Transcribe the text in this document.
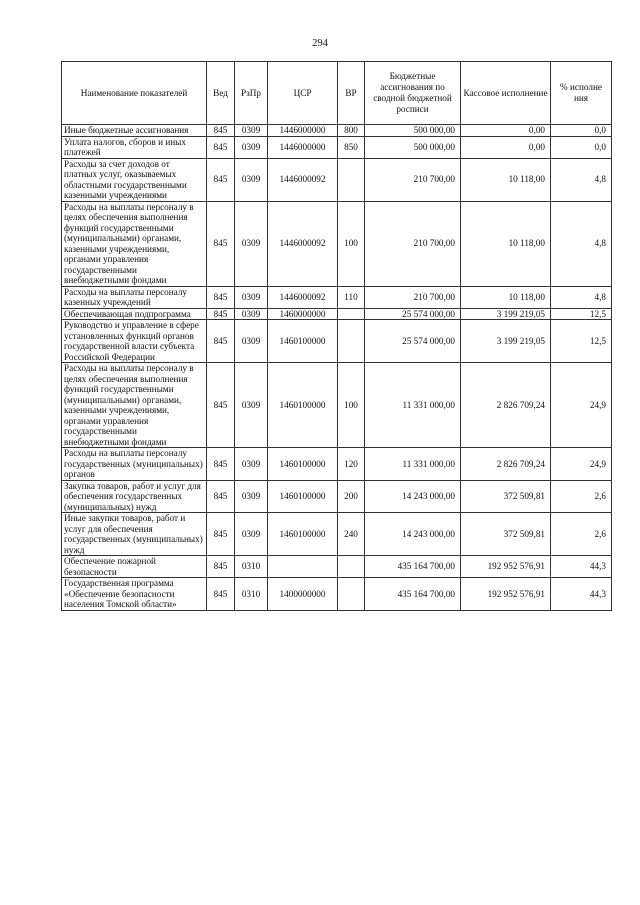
294
Наименование показателей	Вед	РзПр	ЦСР	ВР	Бюджетные ассигнования по сводной бюджетной росписи	Кассовое исполнение	% исполне ния
Иные бюджетные ассигнования	845	0309	1446000000	800	500 000,00	0,00	0,0
Уплата налогов, сборов и иных платежей	845	0309	1446000000	850	500 000,00	0,00	0,0
Расходы за счет доходов от платных услуг, оказываемых областными государственными казенными учреждениями	845	0309	1446000092		210 700,00	10 118,00	4,8
Расходы на выплаты персоналу в целях обеспечения выполнения функций государственными (муниципальными) органами, казенными учреждениями, органами управления государственными внебюджетными фондами	845	0309	1446000092	100	210 700,00	10 118,00	4,8
Расходы на выплаты персоналу казенных учреждений	845	0309	1446000092	110	210 700,00	10 118,00	4,8
Обеспечивающая подпрограмма	845	0309	1460000000		25 574 000,00	3 199 219,05	12,5
Руководство и управление в сфере установленных функций органов государственной власти субъекта Российской Федерации	845	0309	1460100000		25 574 000,00	3 199 219,05	12,5
Расходы на выплаты персоналу в целях обеспечения выполнения функций государственными (муниципальными) органами, казенными учреждениями, органами управления государственными внебюджетными фондами	845	0309	1460100000	100	11 331 000,00	2 826 709,24	24,9
Расходы на выплаты персоналу государственных (муниципальных) органов	845	0309	1460100000	120	11 331 000,00	2 826 709,24	24,9
Закупка товаров, работ и услуг для обеспечения государственных (муниципальных) нужд	845	0309	1460100000	200	14 243 000,00	372 509,81	2,6
Иные закупки товаров, работ и услуг для обеспечения государственных (муниципальных) нужд	845	0309	1460100000	240	14 243 000,00	372 509,81	2,6
Обеспечение пожарной безопасности	845	0310			435 164 700,00	192 952 576,91	44,3
Государственная программа «Обеспечение безопасности населения Томской области»	845	0310	1400000000		435 164 700,00	192 952 576,91	44,3
